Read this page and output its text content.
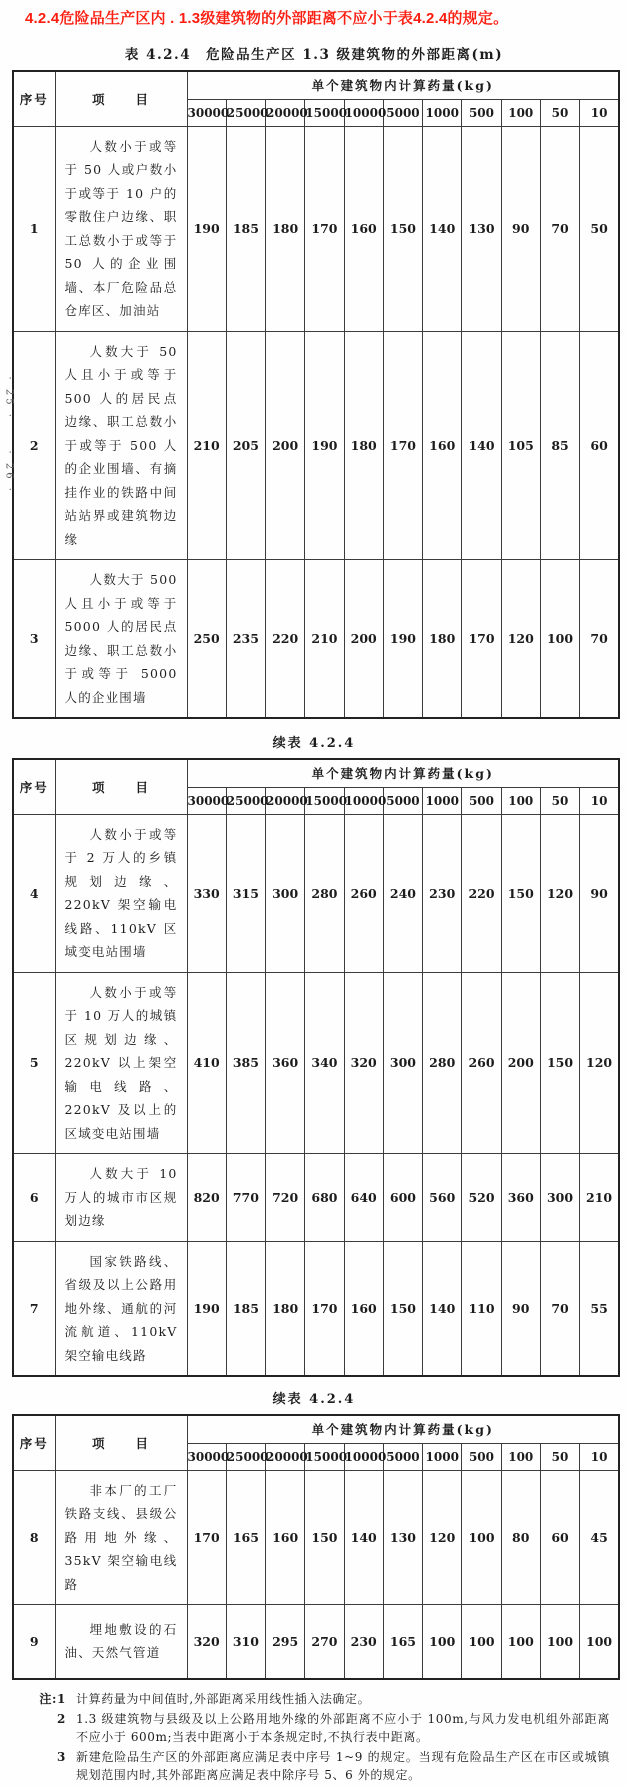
4.2.4危险品生产区内 . 1.3级建筑物的外部距离不应小于表4.2.4的规定。
· 25 ·
· 26 ·
表 4.2.4　危险品生产区 1.3 级建筑物的外部距离(m)
序号	项　　目	单个建筑物内计算药量(kg)										
		30000	25000	20000	15000	10000	5000	1000	500	100	50	10
1	人数小于或等于 50 人或户数小于或等于 10 户的零散住户边缘、职工总数小于或等于 50 人的企业围墙、本厂危险品总仓库区、加油站	190	185	180	170	160	150	140	130	90	70	50
2	人数大于 50 人且小于或等于 500 人的居民点边缘、职工总数小于或等于 500 人的企业围墙、有摘挂作业的铁路中间站站界或建筑物边缘	210	205	200	190	180	170	160	140	105	85	60
3	人数大于 500 人且小于或等于 5000 人的居民点边缘、职工总数小于或等于 5000 人的企业围墙	250	235	220	210	200	190	180	170	120	100	70
续表 4.2.4
序号	项　　目	单个建筑物内计算药量(kg)										
		30000	25000	20000	15000	10000	5000	1000	500	100	50	10
4	人数小于或等于 2 万人的乡镇规划边缘、220kV 架空输电线路、110kV 区域变电站围墙	330	315	300	280	260	240	230	220	150	120	90
5	人数小于或等于 10 万人的城镇区规划边缘、220kV 以上架空输电线路、220kV 及以上的区域变电站围墙	410	385	360	340	320	300	280	260	200	150	120
6	人数大于 10 万人的城市市区规划边缘	820	770	720	680	640	600	560	520	360	300	210
7	国家铁路线、省级及以上公路用地外缘、通航的河流航道、110kV 架空输电线路	190	185	180	170	160	150	140	110	90	70	55
续表 4.2.4
序号	项　　目	单个建筑物内计算药量(kg)										
		30000	25000	20000	15000	10000	5000	1000	500	100	50	10
8	非本厂的工厂铁路支线、县级公路用地外缘、35kV 架空输电线路	170	165	160	150	140	130	120	100	80	60	45
9	埋地敷设的石油、天然气管道	320	310	295	270	230	165	100	100	100	100	100
注:1 计算药量为中间值时,外部距离采用线性插入法确定。
2 1.3 级建筑物与县级及以上公路用地外缘的外部距离不应小于 100m,与风力发电机组外部距离不应小于 600m;当表中距离小于本条规定时,不执行表中距离。
3 新建危险品生产区的外部距离应满足表中序号 1~9 的规定。当现有危险品生产区在市区或城镇规划范围内时,其外部距离应满足表中除序号 5、6 外的规定。
